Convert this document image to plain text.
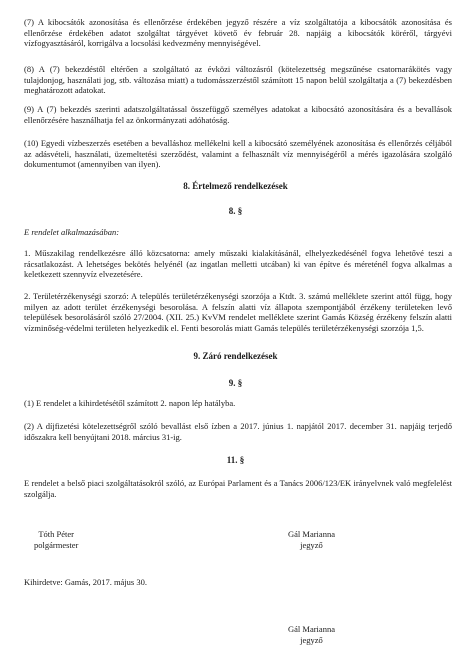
(7) A kibocsátók azonosítása és ellenőrzése érdekében jegyző részére a víz szolgáltatója a kibocsátók azonosítása és ellenőrzése érdekében adatot szolgáltat tárgyévet követő év február 28. napjáig a kibocsátók köréről, tárgyévi vízfogyasztásáról, korrigálva a locsolási kedvezmény mennyiségével.

(8) A (7) bekezdéstől eltérően a szolgáltató az évközi változásról (kötelezettség megszűnése csatornarákötés vagy tulajdonjog, használati jog, stb. változása miatt) a tudomásszerzéstől számított 15 napon belül szolgáltatja a (7) bekezdésben meghatározott adatokat.

(9) A (7) bekezdés szerinti adatszolgáltatással összefüggő személyes adatokat a kibocsátó azonosítására és a bevallások ellenőrzésére használhatja fel az önkormányzati adóhatóság.

(10) Egyedi vízbeszerzés esetében a bevalláshoz mellékelni kell a kibocsátó személyének azonosítása és ellenőrzés céljából az adásvételi, használati, üzemeltetési szerződést, valamint a felhasznált víz mennyiségéről a mérés igazolására szolgáló dokumentumot (amennyiben van ilyen).

8. Értelmező rendelkezések

8. §

E rendelet alkalmazásában:

1. Műszakilag rendelkezésre álló közcsatorna: amely műszaki kialakításánál, elhelyezkedésénél fogva lehetővé teszi a rácsatlakozást. A lehetséges bekötés helyénél (az ingatlan melletti utcában) ki van építve és méreténél fogva alkalmas a keletkezett szennyvíz elvezetésére.

2. Területérzékenységi szorzó: A település területérzékenységi szorzója a Ktdt. 3. számú melléklete szerint attól függ, hogy milyen az adott terület érzékenységi besorolása. A felszín alatti víz állapota szempontjából érzékeny területeken levő települések besorolásáról szóló 27/2004. (XII. 25.) KvVM rendelet melléklete szerint Gamás Község érzékeny felszín alatti vízminőség-védelmi területen helyezkedik el. Fenti besorolás miatt Gamás település területérzékenységi szorzója 1,5.

9. Záró rendelkezések

9. §

(1) E rendelet a kihirdetésétől számított 2. napon lép hatályba.

(2) A díjfizetési kötelezettségről szóló bevallást első ízben a 2017. június 1. napjától 2017. december 31. napjáig terjedő időszakra kell benyújtani 2018. március 31-ig.

11. §

E rendelet a belső piaci szolgáltatásokról szóló, az Európai Parlament és a Tanács 2006/123/EK irányelvnek való megfelelést szolgálja.

Tóth Péter
polgármester
Gál Marianna
jegyző
Kihirdetve: Gamás, 2017. május 30.
Gál Marianna
jegyző
